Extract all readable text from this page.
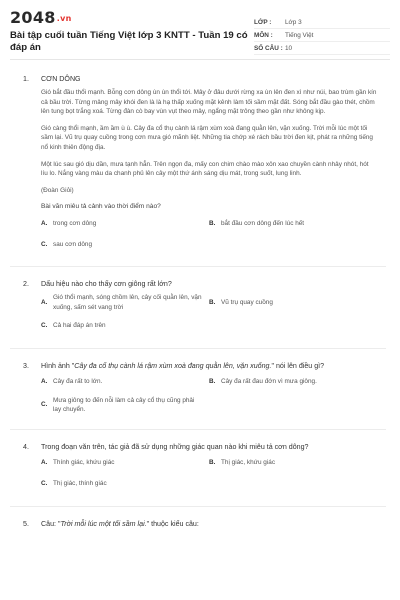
2048.vn
Bài tập cuối tuần Tiếng Việt lớp 3 KNTT - Tuần 19 có đáp án
LỚP :	Lớp 3
MÔN :	Tiếng Việt
SỐ CÂU : 10
1.	CƠN DÔNG

Gió bắt đầu thổi mạnh. Bỗng cơn dông ùn ùn thổi tới. Mây ở đâu dưới rừng xa ùn lên đen xì như núi, bao trùm gần kín cả bầu trời. Từng mảng mây khói đen là là hạ thấp xuống mặt kênh làm tối sầm mặt đất. Sóng bắt đầu gào thét, chồm lên tung bọt trắng xoá. Từng đàn cò bay vùn vụt theo mây, ngẩng mặt trông theo gần như không kịp.

Gió càng thổi mạnh, ầm ầm ù ù. Cây đa cổ thụ cành lá rậm xùm xoà đang quằn lên, vặn xuống. Trời mỗi lúc một tối sầm lại. Vũ trụ quay cuồng trong cơn mưa gió mãnh liệt. Những tia chớp xé rách bầu trời đen kịt, phát ra những tiếng nổ kinh thiên động địa.

Một lúc sau gió dịu dần, mưa tạnh hẳn. Trên ngọn đa, mấy con chim chào mào xôn xao chuyền cành nhảy nhót, hót líu lo. Nắng vàng màu da chanh phủ lên cây một thứ ánh sáng dịu mát, trong suốt, lung linh.

(Đoàn Giỏi)

Bài văn miêu tả cảnh vào thời điểm nào?
A. trong cơn dông	B. bắt đầu cơn dông đến lúc hết
C. sau cơn dông
2.	Dấu hiệu nào cho thấy cơn giông rất lớn?
A.
Gió thổi mạnh, sóng chồm lên, cây cối quằn lên, vặn xuống, sấm sét vang trời
B. Vũ trụ quay cuồng
C. Cả hai đáp án trên
3.	Hình ảnh "Cây đa cổ thụ cành lá rậm xùm xoà đang quằn lên, vặn xuống." nói lên điều gì?
A. Cây đa rất to lớn.	B. Cây đa rất đau đớn vì mưa giông.
C.
Mưa giông to đến nỗi làm cả cây cổ thụ cũng phải lay chuyển.
4.	Trong đoạn văn trên, tác giả đã sử dụng những giác quan nào khi miêu tả cơn dông?
A. Thính giác, khứu giác	B. Thị giác, khứu giác
C. Thị giác, thính giác
5.	Câu: "Trời mỗi lúc một tối sầm lại." thuộc kiểu câu:
